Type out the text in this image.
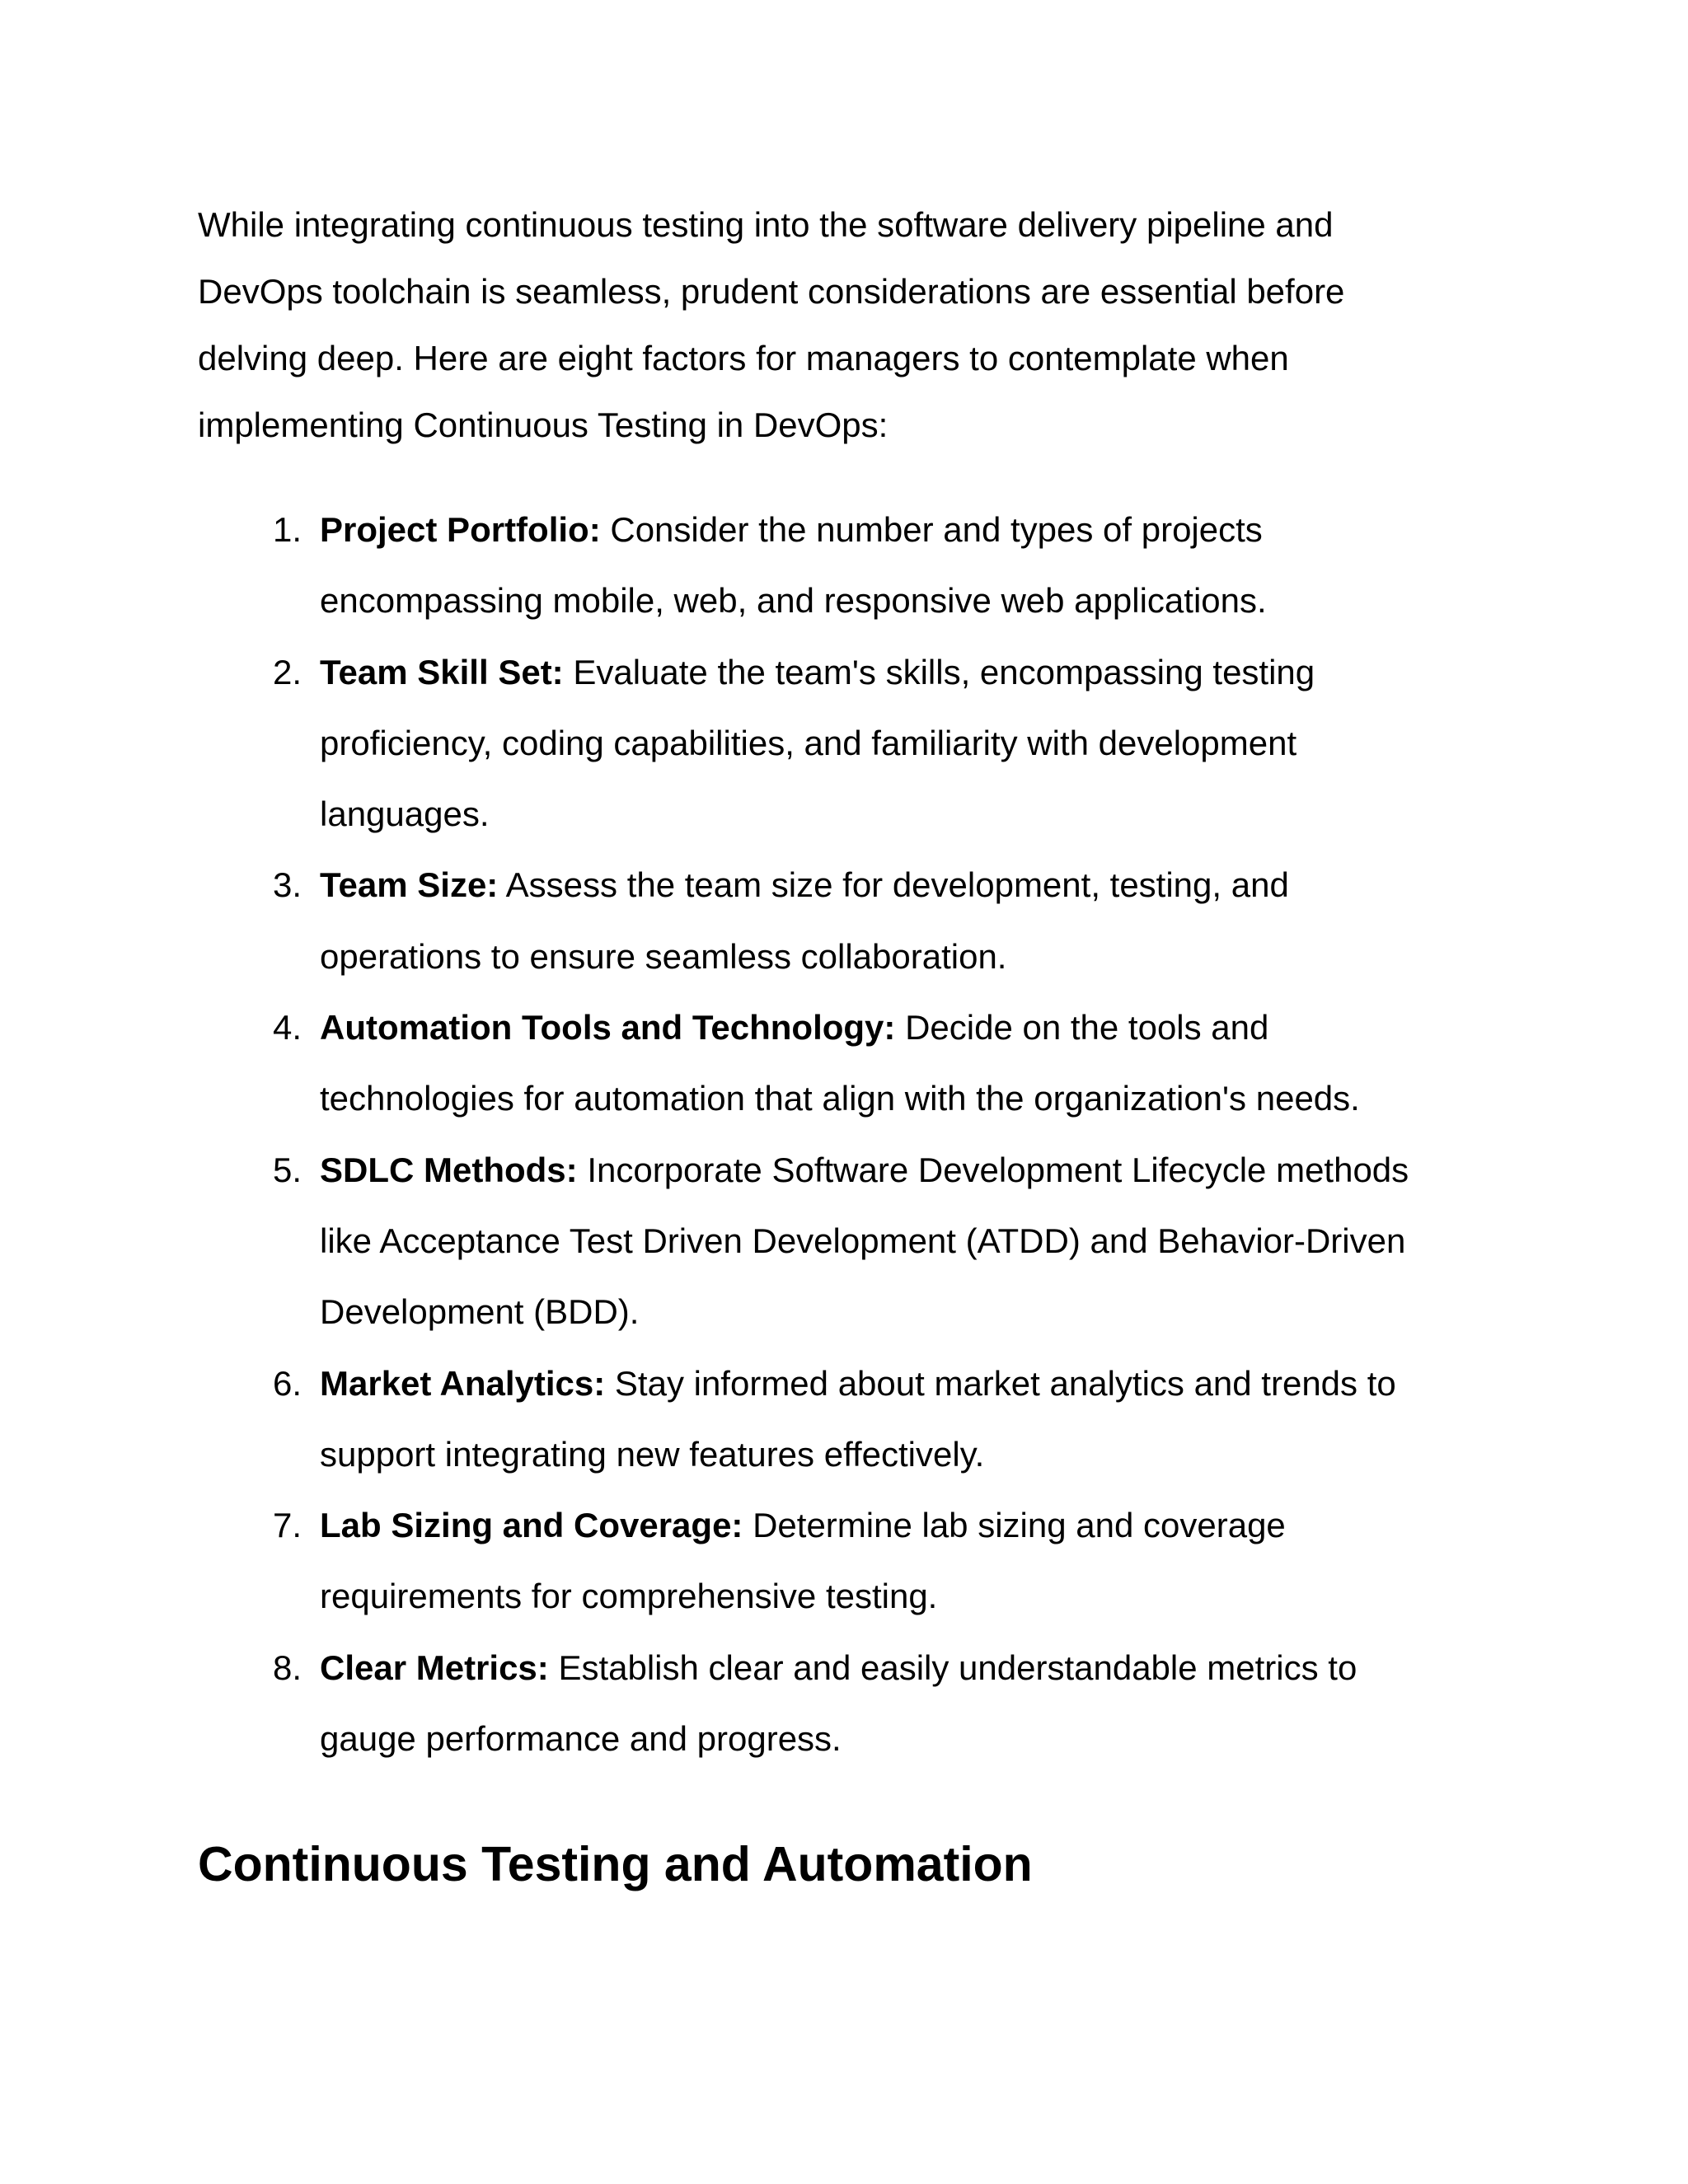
While integrating continuous testing into the software delivery pipeline and
DevOps toolchain is seamless, prudent considerations are essential before
delving deep. Here are eight factors for managers to contemplate when
implementing Continuous Testing in DevOps:

1. Project Portfolio: Consider the number and types of projects
encompassing mobile, web, and responsive web applications.
2. Team Skill Set: Evaluate the team's skills, encompassing testing
proficiency, coding capabilities, and familiarity with development
languages.
3. Team Size: Assess the team size for development, testing, and
operations to ensure seamless collaboration.
4. Automation Tools and Technology: Decide on the tools and
technologies for automation that align with the organization's needs.
5. SDLC Methods: Incorporate Software Development Lifecycle methods
like Acceptance Test Driven Development (ATDD) and Behavior-Driven
Development (BDD).
6. Market Analytics: Stay informed about market analytics and trends to
support integrating new features effectively.
7. Lab Sizing and Coverage: Determine lab sizing and coverage
requirements for comprehensive testing.
8. Clear Metrics: Establish clear and easily understandable metrics to
gauge performance and progress.
Continuous Testing and Automation
